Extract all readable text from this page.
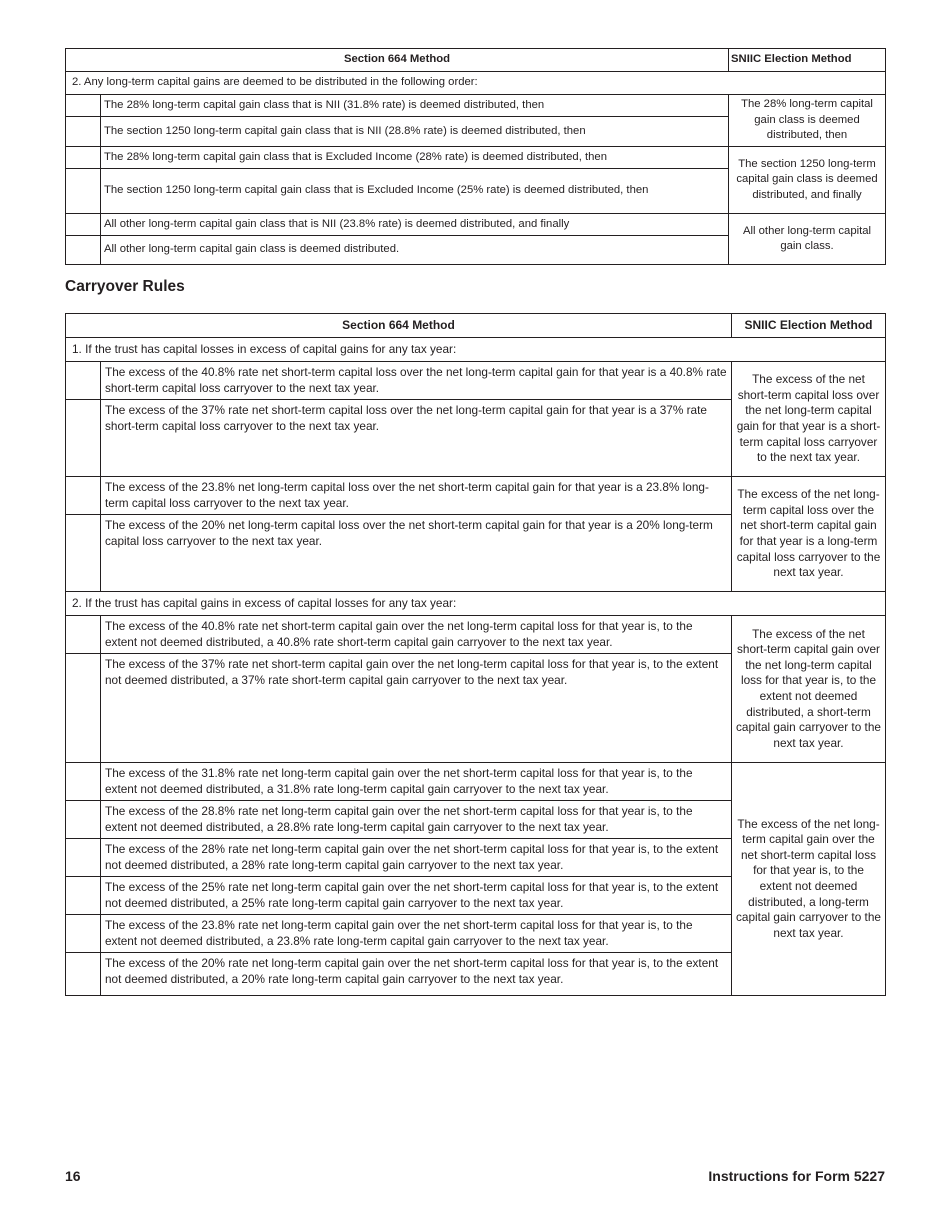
Section 664 Method		SNIIC Election Method
2. Any long-term capital gains are deemed to be distributed in the following order:		
	The 28% long-term capital gain class that is NII (31.8% rate) is deemed distributed, then	The 28% long-term capital gain class is deemed distributed, then
	The section 1250 long-term capital gain class that is NII (28.8% rate) is deemed distributed, then	
	The 28% long-term capital gain class that is Excluded Income (28% rate) is deemed distributed, then	The section 1250 long-term capital gain class is deemed distributed, and finally
	The section 1250 long-term capital gain class that is Excluded Income (25% rate) is deemed distributed, then	
	All other long-term capital gain class that is NII (23.8% rate) is deemed distributed, and finally	All other long-term capital gain class.
	All other long-term capital gain class is deemed distributed.	
Carryover Rules
Section 664 Method		SNIIC Election Method
1. If the trust has capital losses in excess of capital gains for any tax year:		
	The excess of the 40.8% rate net short-term capital loss over the net long-term capital gain for that year is a 40.8% rate short-term capital loss carryover to the next tax year.	The excess of the net short-term capital loss over the net long-term capital gain for that year is a short-term capital loss carryover to the next tax year.
	The excess of the 37% rate net short-term capital loss over the net long-term capital gain for that year is a 37% rate short-term capital loss carryover to the next tax year.	
	The excess of the 23.8% net long-term capital loss over the net short-term capital gain for that year is a 23.8% long-term capital loss carryover to the next tax year.	The excess of the net long-term capital loss over the net short-term capital gain for that year is a long-term capital loss carryover to the next tax year.
	The excess of the 20% net long-term capital loss over the net short-term capital gain for that year is a 20% long-term capital loss carryover to the next tax year.	
2. If the trust has capital gains in excess of capital losses for any tax year:		
	The excess of the 40.8% rate net short-term capital gain over the net long-term capital loss for that year is, to the extent not deemed distributed, a 40.8% rate short-term capital gain carryover to the next tax year.	The excess of the net short-term capital gain over the net long-term capital loss for that year is, to the extent not deemed distributed, a short-term capital gain carryover to the next tax year.
	The excess of the 37% rate net short-term capital gain over the net long-term capital loss for that year is, to the extent not deemed distributed, a 37% rate short-term capital gain carryover to the next tax year.	
	The excess of the 31.8% rate net long-term capital gain over the net short-term capital loss for that year is, to the extent not deemed distributed, a 31.8% rate long-term capital gain carryover to the next tax year.	The excess of the net long-term capital gain over the net short-term capital loss for that year is, to the extent not deemed distributed, a long-term capital gain carryover to the next tax year.
	The excess of the 28.8% rate net long-term capital gain over the net short-term capital loss for that year is, to the extent not deemed distributed, a 28.8% rate long-term capital gain carryover to the next tax year.	
	The excess of the 28% rate net long-term capital gain over the net short-term capital loss for that year is, to the extent not deemed distributed, a 28% rate long-term capital gain carryover to the next tax year.	
	The excess of the 25% rate net long-term capital gain over the net short-term capital loss for that year is, to the extent not deemed distributed, a 25% rate long-term capital gain carryover to the next tax year.	
	The excess of the 23.8% rate net long-term capital gain over the net short-term capital loss for that year is, to the extent not deemed distributed, a 23.8% rate long-term capital gain carryover to the next tax year.	
	The excess of the 20% rate net long-term capital gain over the net short-term capital loss for that year is, to the extent not deemed distributed, a 20% rate long-term capital gain carryover to the next tax year.	
16	Instructions for Form 5227
